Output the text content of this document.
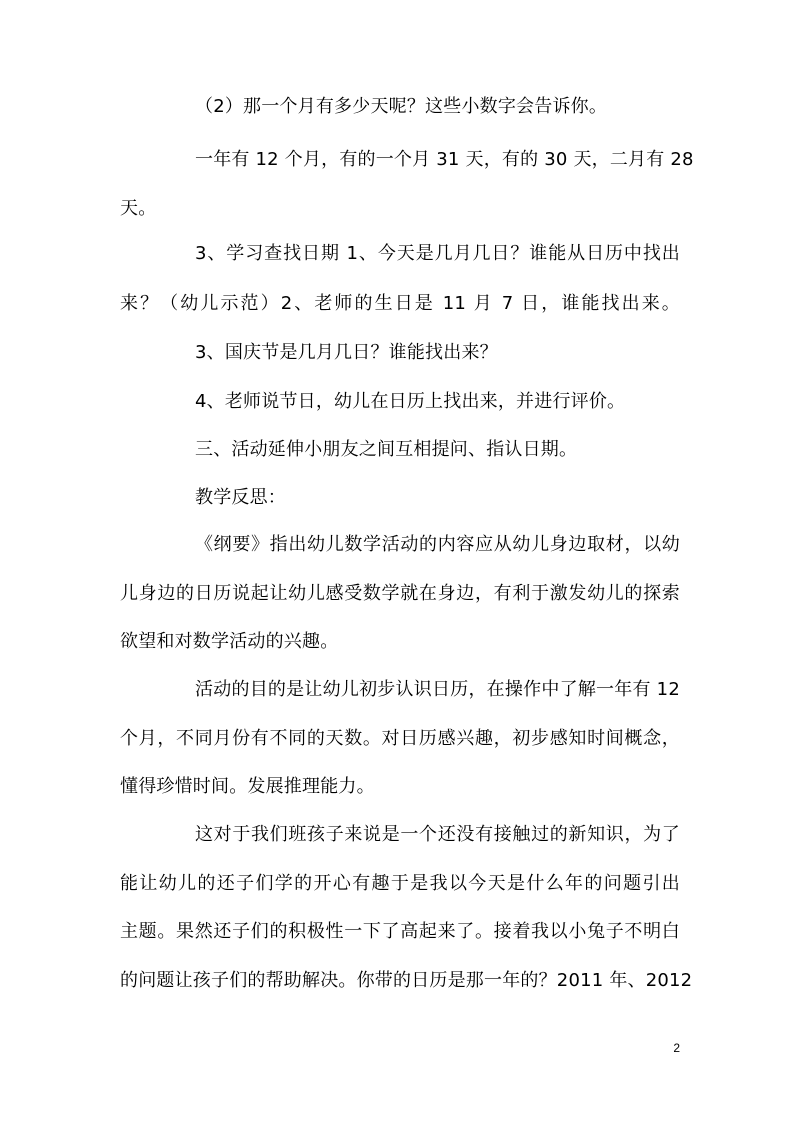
（2）那一个月有多少天呢？这些小数字会告诉你。
一年有 12 个月，有的一个月 31 天，有的 30 天，二月有 28
天。
3、学习查找日期 1、今天是几月几日？谁能从日历中找出
来？（幼儿示范）2、老师的生日是 11 月 7 日，谁能找出来。
3、国庆节是几月几日？谁能找出来？
4、老师说节日，幼儿在日历上找出来，并进行评价。
三、活动延伸小朋友之间互相提问、指认日期。
教学反思：
《纲要》指出幼儿数学活动的内容应从幼儿身边取材，以幼
儿身边的日历说起让幼儿感受数学就在身边，有利于激发幼儿的探索
欲望和对数学活动的兴趣。
活动的目的是让幼儿初步认识日历，在操作中了解一年有 12
个月，不同月份有不同的天数。对日历感兴趣，初步感知时间概念，
懂得珍惜时间。发展推理能力。
这对于我们班孩子来说是一个还没有接触过的新知识，为了
能让幼儿的还子们学的开心有趣于是我以今天是什么年的问题引出
主题。果然还子们的积极性一下了高起来了。接着我以小兔子不明白
的问题让孩子们的帮助解决。你带的日历是那一年的？2011 年、2012
2
